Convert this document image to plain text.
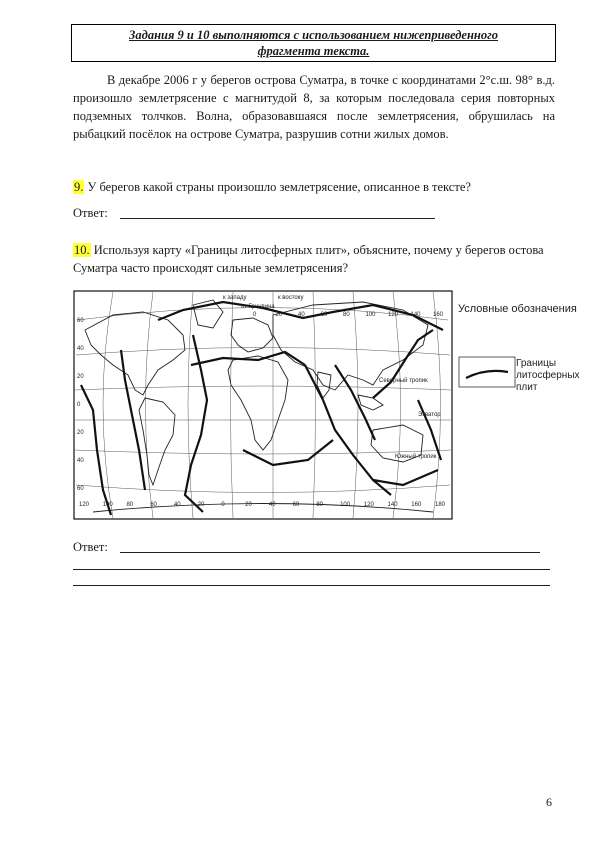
Задания 9 и 10 выполняются с использованием нижеприведенного
фрагмента текста.
В декабре 2006 г у берегов острова Суматра, в точке с координатами 2°с.ш. 98° в.д. произошло землетрясение с магнитудой 8, за которым последовала серия повторных подземных толчков. Волна, образовавшаяся после землетрясения, обрушилась на рыбацкий посёлок на острове Суматра, разрушив сотни жилых домов.
9. У берегов какой страны произошло землетрясение, описанное в тексте?
Ответ:
10. Используя карту «Границы литосферных плит», объясните, почему у берегов остова Суматра часто происходят сильные землетрясения?
к западу	к востоку
от Гринвича
Северный тропик
Экватор
Южный тропик
0	20	40	60	80	100 120 140 160
120 100 80	60	40	20	0	20	40	60	80	100 120 140 160 180
60
40
20
0
20
40
60
Условные обозначения
Границы литосферных плит
Ответ:
6
